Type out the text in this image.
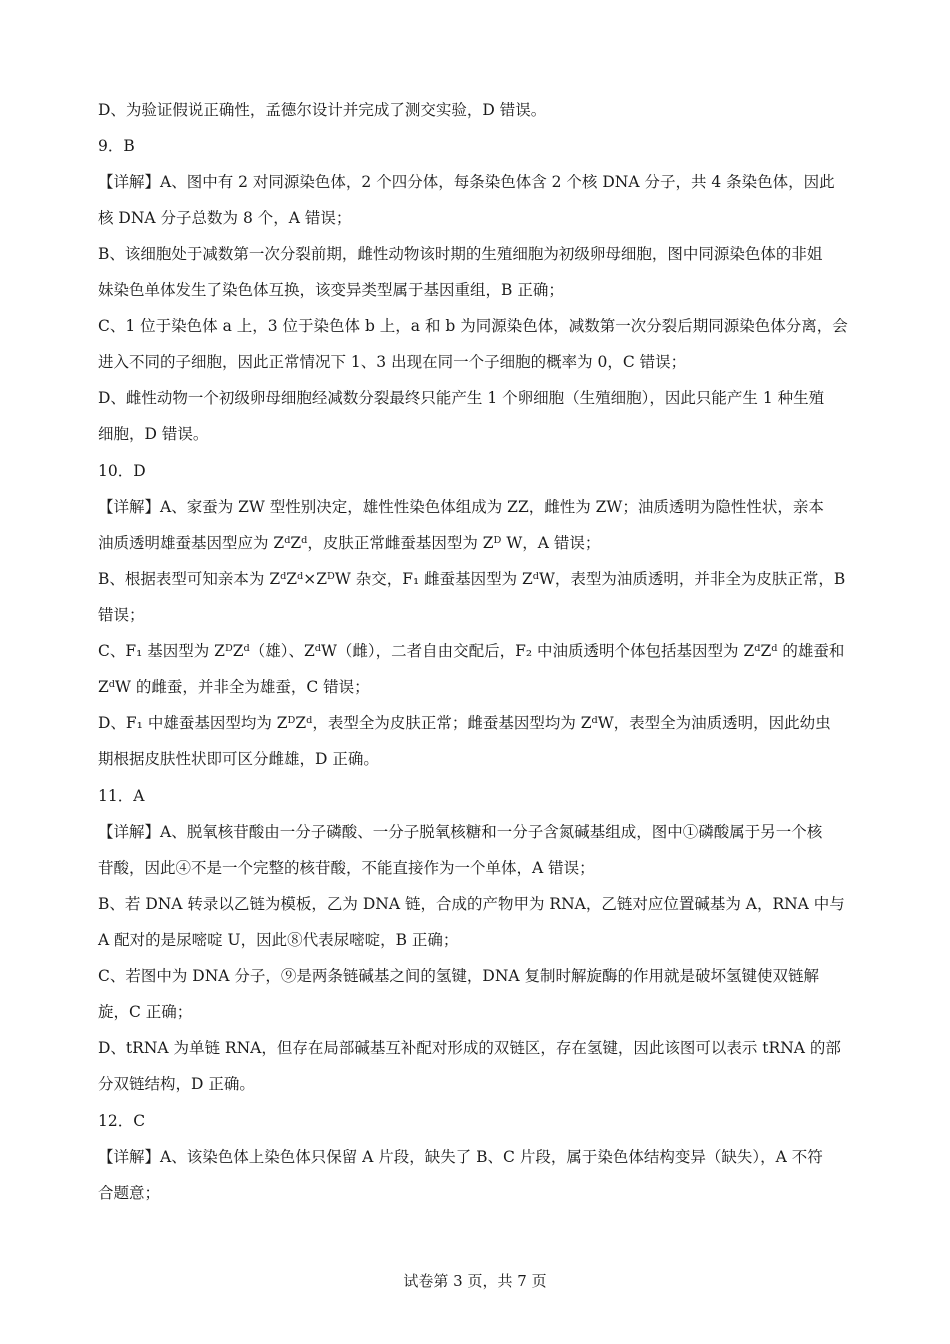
D、为验证假说正确性，孟德尔设计并完成了测交实验，D 错误。
9．B
【详解】A、图中有 2 对同源染色体，2 个四分体，每条染色体含 2 个核 DNA 分子，共 4 条染色体，因此
核 DNA 分子总数为 8 个，A 错误；
B、该细胞处于减数第一次分裂前期，雌性动物该时期的生殖细胞为初级卵母细胞，图中同源染色体的非姐
妹染色单体发生了染色体互换，该变异类型属于基因重组，B 正确；
C、1 位于染色体 a 上，3 位于染色体 b 上，a 和 b 为同源染色体，减数第一次分裂后期同源染色体分离，会
进入不同的子细胞，因此正常情况下 1、3 出现在同一个子细胞的概率为 0，C 错误；
D、雌性动物一个初级卵母细胞经减数分裂最终只能产生 1 个卵细胞（生殖细胞），因此只能产生 1 种生殖
细胞，D 错误。
10．D
【详解】A、家蚕为 ZW 型性别决定，雄性性染色体组成为 ZZ，雌性为 ZW；油质透明为隐性性状，亲本
油质透明雄蚕基因型应为 ZᵈZᵈ，皮肤正常雌蚕基因型为 Zᴰ W，A 错误；
B、根据表型可知亲本为 ZᵈZᵈ×ZᴰW 杂交，F₁ 雌蚕基因型为 ZᵈW，表型为油质透明，并非全为皮肤正常，B
错误；
C、F₁ 基因型为 ZᴰZᵈ（雄）、ZᵈW（雌），二者自由交配后，F₂ 中油质透明个体包括基因型为 ZᵈZᵈ 的雄蚕和
ZᵈW 的雌蚕，并非全为雄蚕，C 错误；
D、F₁ 中雄蚕基因型均为 ZᴰZᵈ，表型全为皮肤正常；雌蚕基因型均为 ZᵈW，表型全为油质透明，因此幼虫
期根据皮肤性状即可区分雌雄，D 正确。
11．A
【详解】A、脱氧核苷酸由一分子磷酸、一分子脱氧核糖和一分子含氮碱基组成，图中①磷酸属于另一个核
苷酸，因此④不是一个完整的核苷酸，不能直接作为一个单体，A 错误；
B、若 DNA 转录以乙链为模板，乙为 DNA 链，合成的产物甲为 RNA，乙链对应位置碱基为 A，RNA 中与
A 配对的是尿嘧啶 U，因此⑧代表尿嘧啶，B 正确；
C、若图中为 DNA 分子，⑨是两条链碱基之间的氢键，DNA 复制时解旋酶的作用就是破坏氢键使双链解
旋，C 正确；
D、tRNA 为单链 RNA，但存在局部碱基互补配对形成的双链区，存在氢键，因此该图可以表示 tRNA 的部
分双链结构，D 正确。
12．C
【详解】A、该染色体上染色体只保留 A 片段，缺失了 B、C 片段，属于染色体结构变异（缺失），A 不符
合题意；
试卷第 3 页，共 7 页
